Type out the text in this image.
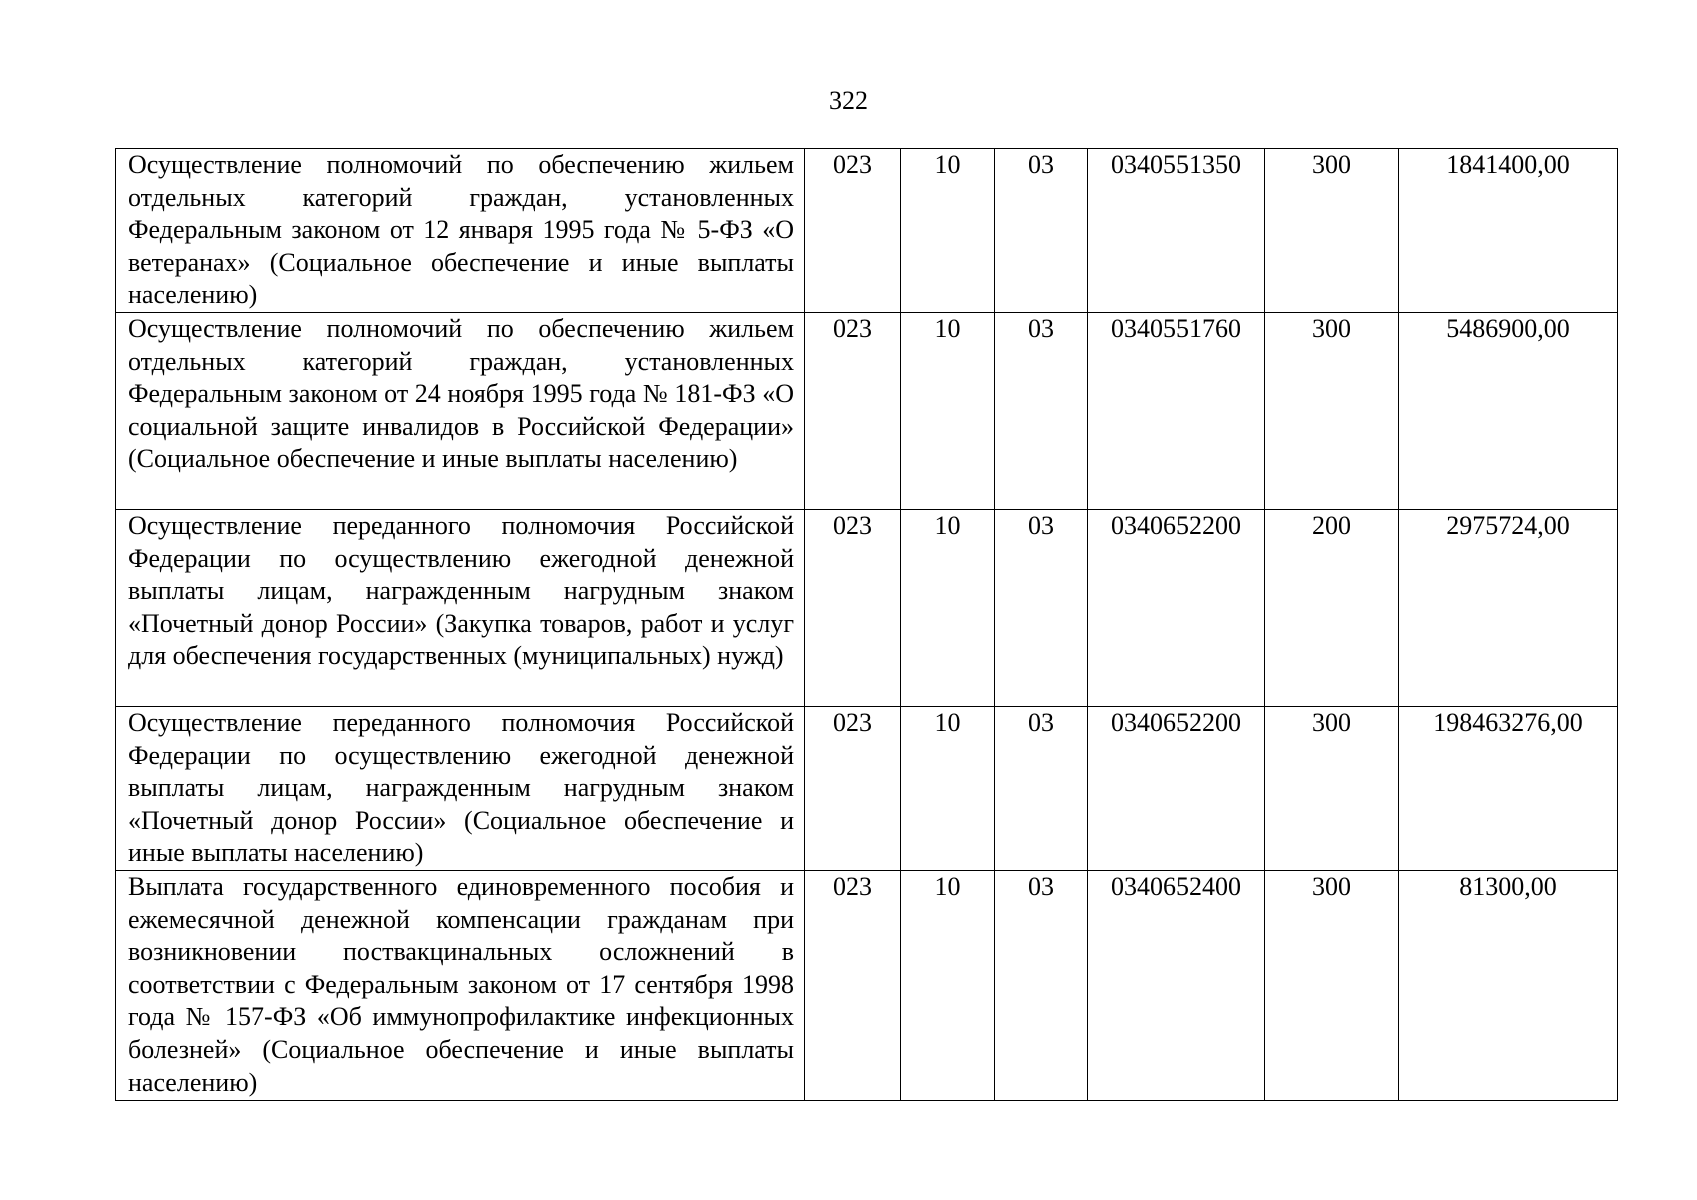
322
Осуществление полномочий по обеспечению жильем отдельных категорий граждан, установленных Федеральным законом от 12 января 1995 года № 5-ФЗ «О ветеранах» (Социальное обеспечение и иные выплаты населению)	023	10	03	0340551350	300	1841400,00
Осуществление полномочий по обеспечению жильем отдельных категорий граждан, установленных Федеральным законом от 24 ноября 1995 года № 181-ФЗ «О социальной защите инвалидов в Российской Федерации» (Социальное обеспечение и иные выплаты населению)	023	10	03	0340551760	300	5486900,00
Осуществление переданного полномочия Российской Федерации по осуществлению ежегодной денежной выплаты лицам, награжденным нагрудным знаком «Почетный донор России» (Закупка товаров, работ и услуг для обеспечения государственных (муниципальных) нужд)	023	10	03	0340652200	200	2975724,00
Осуществление переданного полномочия Российской Федерации по осуществлению ежегодной денежной выплаты лицам, награжденным нагрудным знаком «Почетный донор России» (Социальное обеспечение и иные выплаты населению)	023	10	03	0340652200	300	198463276,00
Выплата государственного единовременного пособия и ежемесячной денежной компенсации гражданам при возникновении поствакцинальных осложнений в соответствии с Федеральным законом от 17 сентября 1998 года № 157-ФЗ «Об иммунопрофилактике инфекционных болезней» (Социальное обеспечение и иные выплаты населению)	023	10	03	0340652400	300	81300,00
